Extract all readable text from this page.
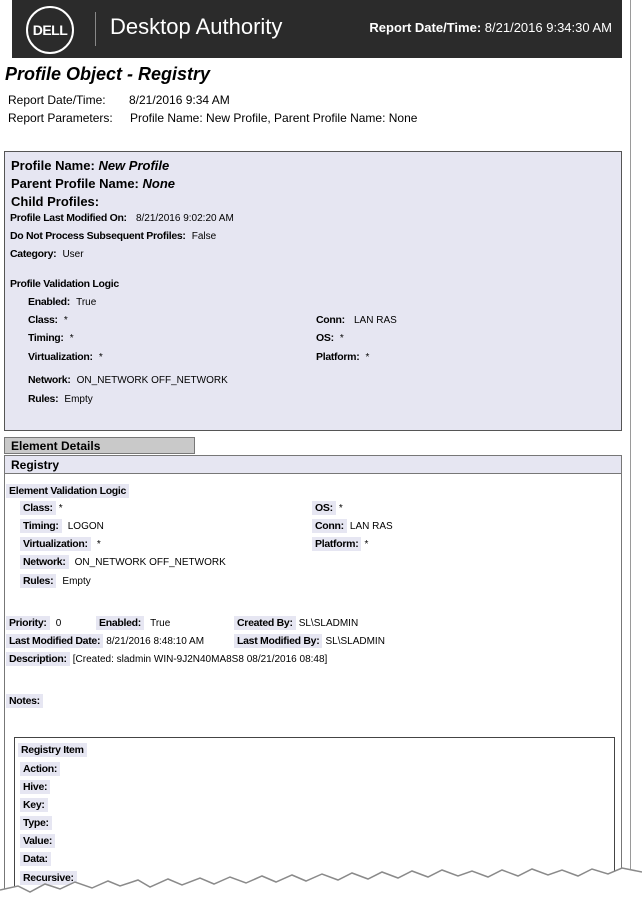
DELL	Desktop Authority	Report Date/Time: 8/21/2016 9:34:30 AM
Profile Object - Registry
Report Date/Time: 8/21/2016 9:34 AM
Report Parameters: Profile Name: New Profile, Parent Profile Name: None
Profile Name: New Profile
Parent Profile Name: None
Child Profiles:
Profile Last Modified On: 8/21/2016 9:02:20 AM
Do Not Process Subsequent Profiles: False
Category: User
Profile Validation Logic
Enabled: True
Class: *
Timing: *
Virtualization: *
Conn: LAN RAS
OS: *
Platform: *
Network: ON_NETWORK OFF_NETWORK
Rules: Empty
Element Details
Registry
Element Validation Logic
Class: *
Timing: LOGON
Virtualization: *
Network: ON_NETWORK OFF_NETWORK
Rules: Empty
OS: *
Conn: LAN RAS
Platform: *
Priority: 0	Enabled: True	Created By: SL\SLADMIN
Last Modified Date: 8/21/2016 8:48:10 AM	Last Modified By: SL\SLADMIN
Description: [Created: sladmin WIN-9J2N40MA8S8 08/21/2016 08:48]
Notes:
Registry Item
Action:
Hive:
Key:
Type:
Value:
Data:
Recursive:
